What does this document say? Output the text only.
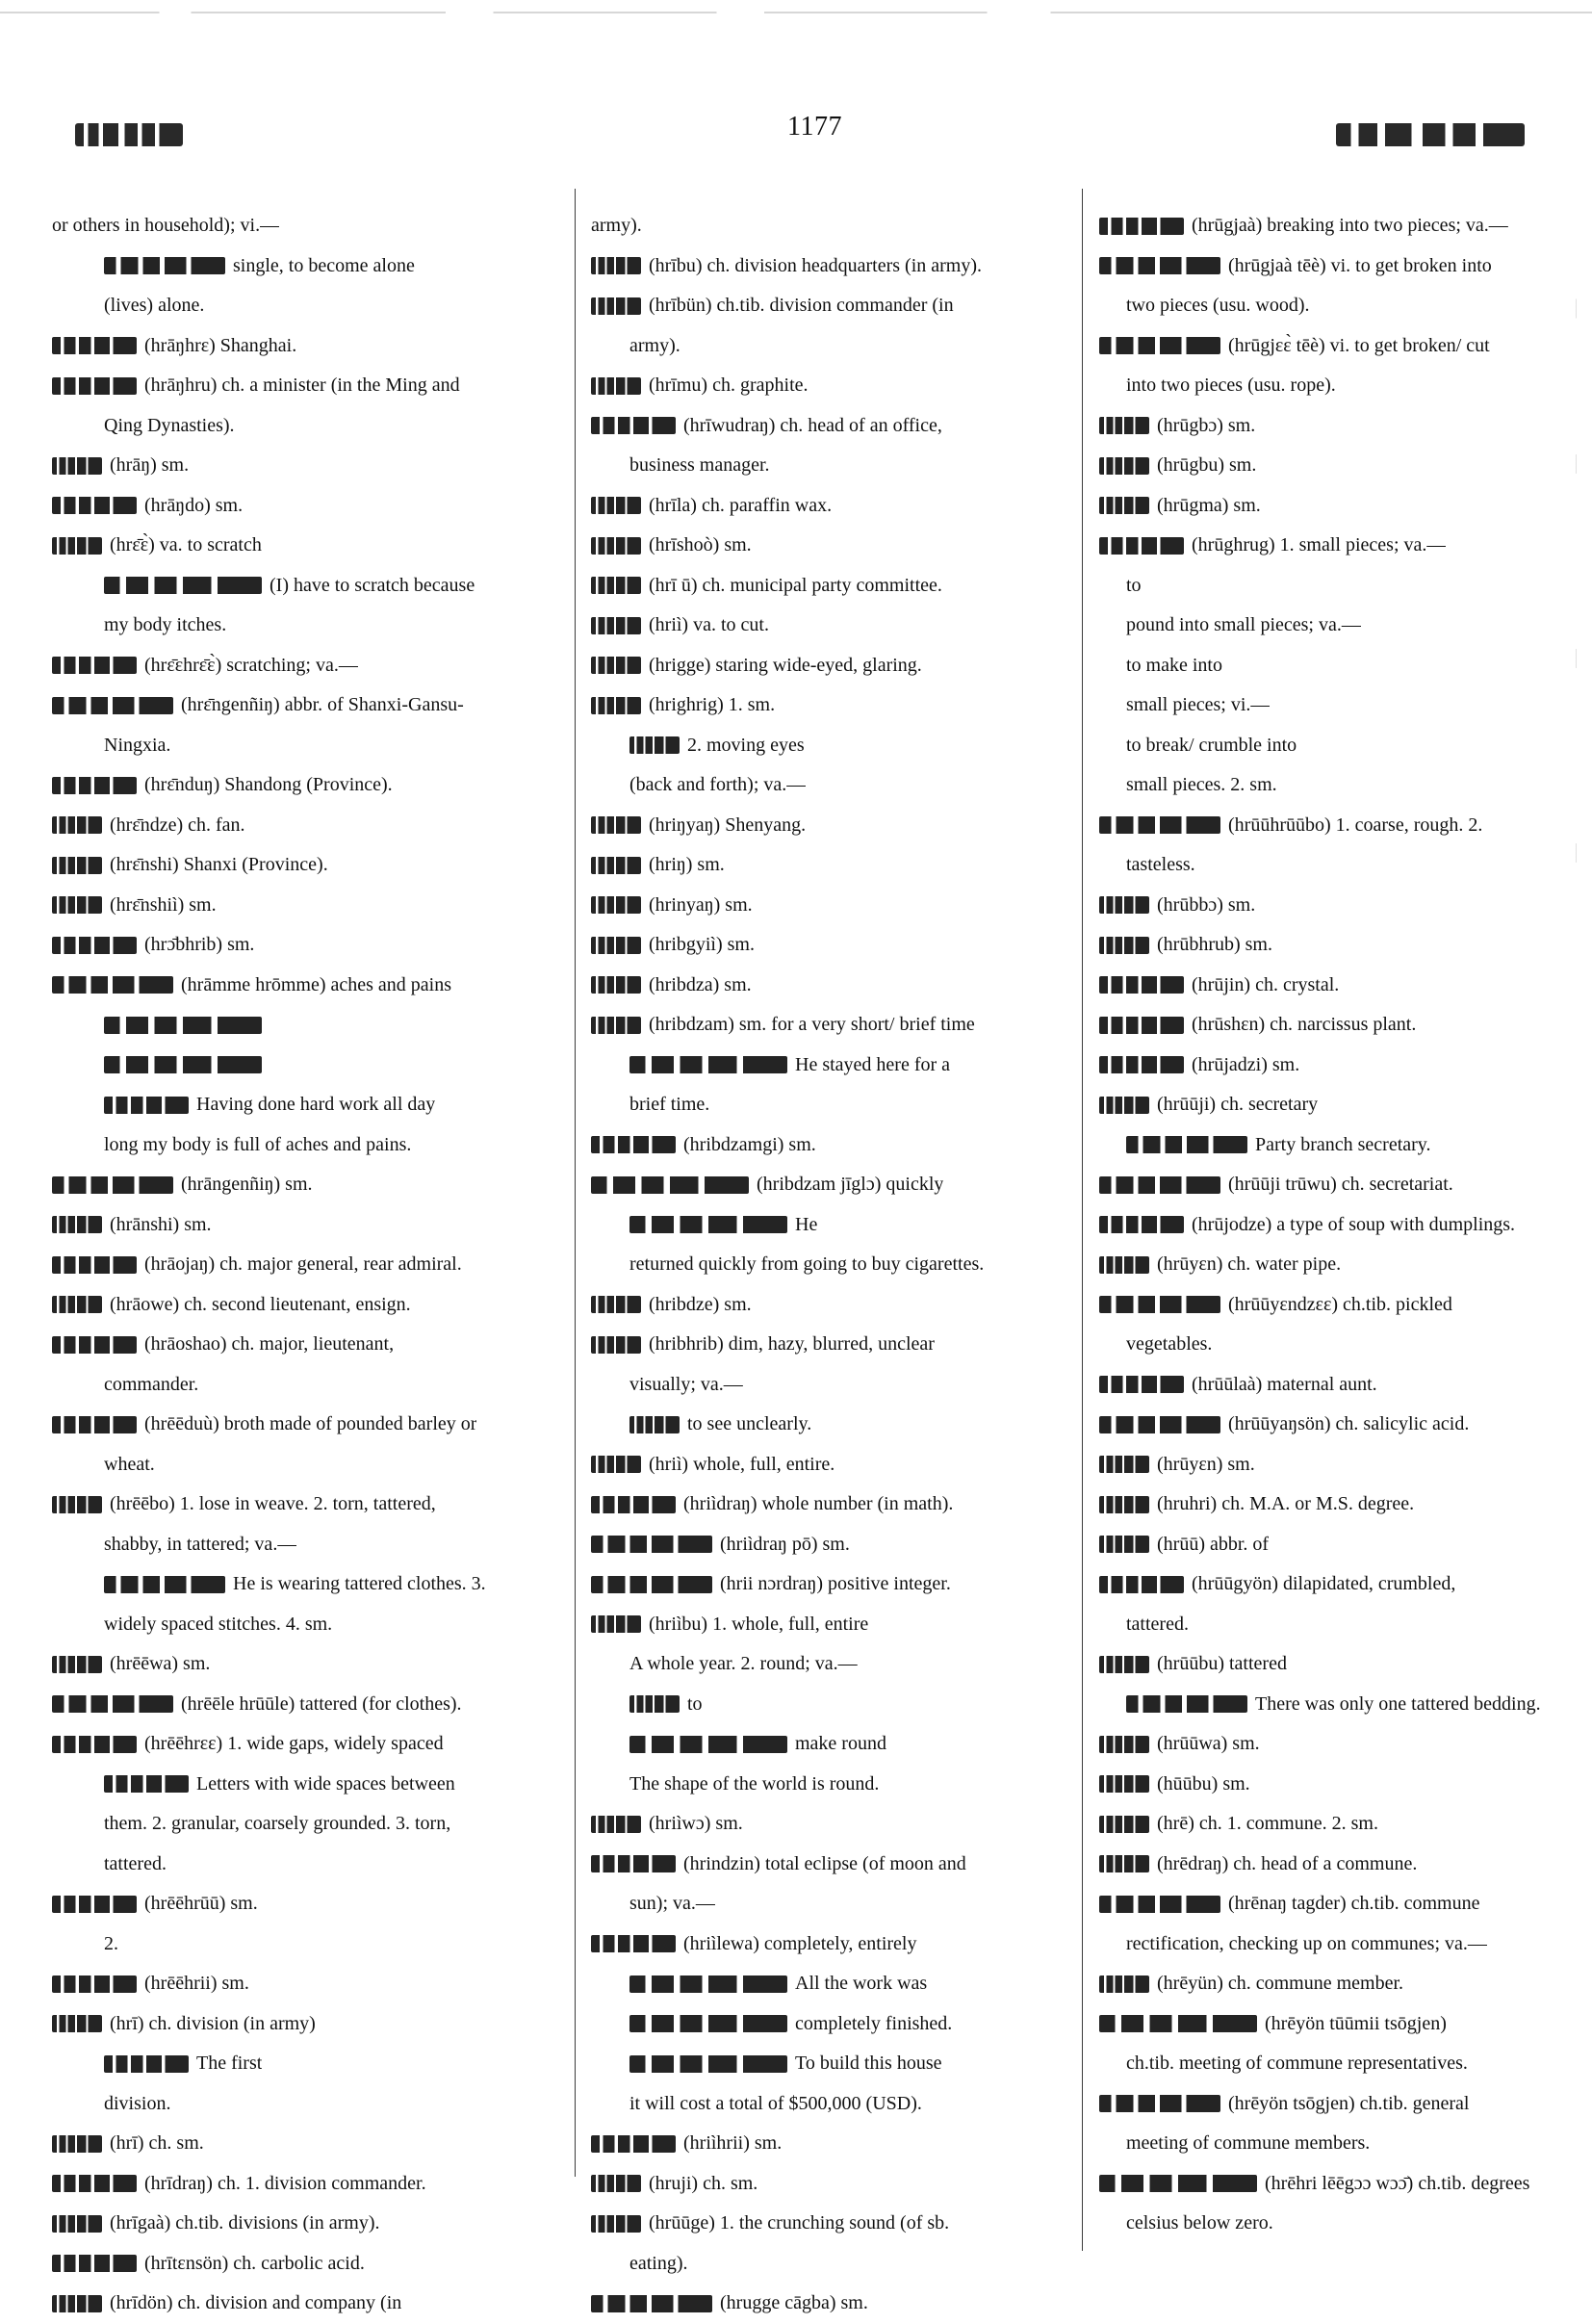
1177
or others in household); vi.—
single, to become alone
(lives) alone.
(hrāŋhrɛ) Shanghai.
(hrāŋhru) ch. a minister (in the Ming and
Qing Dynasties).
(hrāŋ) sm.
(hrāŋdo) sm.
(hrɛ̄ɛ̀) va. to scratch
(I) have to scratch because
my body itches.
(hrɛ̄ɛhrɛ̄ɛ̀) scratching; va.—
(hrɛ̄ngenñiŋ) abbr. of Shanxi-Gansu-
Ningxia.
(hrɛ̄nduŋ) Shandong (Province).
(hrɛ̄ndze) ch. fan.
(hrɛ̄nshi) Shanxi (Province).
(hrɛ̄nshiì) sm.
(hrɔ̄bhrib) sm.
(hrāmme hrōmme) aches and pains
Having done hard work all day
long my body is full of aches and pains.
(hrāngenñiŋ) sm.
(hrānshi) sm.
(hrāojaŋ) ch. major general, rear admiral.
(hrāowe) ch. second lieutenant, ensign.
(hrāoshao) ch. major, lieutenant,
commander.
(hrēēduù) broth made of pounded barley or
wheat.
(hrēēbo) 1. lose in weave. 2. torn, tattered,
shabby, in tattered; va.—
He is wearing tattered clothes. 3.
widely spaced stitches. 4. sm.
(hrēēwa) sm.
(hrēēle hrūūle) tattered (for clothes).
(hrēēhrɛɛ) 1. wide gaps, widely spaced
Letters with wide spaces between
them. 2. granular, coarsely grounded. 3. torn,
tattered.
(hrēēhrūū) sm.
2.
(hrēēhrii) sm.
(hrī) ch. division (in army)
The first
division.
(hrī) ch. sm.
(hrīdraŋ) ch. 1. division commander.
(hrīgaà) ch.tib. divisions (in army).
(hrītɛnsön) ch. carbolic acid.
(hrīdön) ch. division and company (in
army).
(hrību) ch. division headquarters (in army).
(hrībün) ch.tib. division commander (in
army).
(hrīmu) ch. graphite.
(hrīwudraŋ) ch. head of an office,
business manager.
(hrīla) ch. paraffin wax.
(hrīshoò) sm.
(hrī ū) ch. municipal party committee.
(hriì) va. to cut.
(hrigge) staring wide-eyed, glaring.
(hrighrig) 1. sm.
2. moving eyes
(back and forth); va.—
(hriŋyaŋ) Shenyang.
(hriŋ) sm.
(hrinyaŋ) sm.
(hribgyiì) sm.
(hribdza) sm.
(hribdzam) sm. for a very short/ brief time
He stayed here for a
brief time.
(hribdzamgi) sm.
(hribdzam jīglɔ) quickly
He
returned quickly from going to buy cigarettes.
(hribdze) sm.
(hribhrib) dim, hazy, blurred, unclear
visually; va.—
to see unclearly.
(hriì) whole, full, entire.
(hriìdraŋ) whole number (in math).
(hriìdraŋ pō) sm.
(hrii nɔrdraŋ) positive integer.
(hriìbu) 1. whole, full, entire
A whole year. 2. round; va.—
to
make round
The shape of the world is round.
(hriìwɔ) sm.
(hrindzin) total eclipse (of moon and
sun); va.—
(hriìlewa) completely, entirely
All the work was
completely finished.
To build this house
it will cost a total of $500,000 (USD).
(hriìhrii) sm.
(hruji) ch. sm.
(hrūūge) 1. the crunching sound (of sb.
eating).
(hrugge cāgba) sm.
(hrūgjaà) breaking into two pieces; va.—
(hrūgjaà tēè) vi. to get broken into
two pieces (usu. wood).
(hrūgjɛɛ̀ tēè) vi. to get broken/ cut
into two pieces (usu. rope).
(hrūgbɔ) sm.
(hrūgbu) sm.
(hrūgma) sm.
(hrūghrug) 1. small pieces; va.—
to
pound into small pieces; va.—
to make into
small pieces; vi.—
to break/ crumble into
small pieces. 2. sm.
(hrūūhrūūbo) 1. coarse, rough. 2.
tasteless.
(hrūbbɔ) sm.
(hrūbhrub) sm.
(hrūjin) ch. crystal.
(hrūshɛn) ch. narcissus plant.
(hrūjadzi) sm.
(hrūūji) ch. secretary
Party branch secretary.
(hrūūji trūwu) ch. secretariat.
(hrūjodze) a type of soup with dumplings.
(hrūyɛn) ch. water pipe.
(hrūūyɛndzɛɛ) ch.tib. pickled
vegetables.
(hrūūlaà) maternal aunt.
(hrūūyaŋsön) ch. salicylic acid.
(hrūyɛn) sm.
(hruhri) ch. M.A. or M.S. degree.
(hrūū) abbr. of
(hrūūgyön) dilapidated, crumbled,
tattered.
(hrūūbu) tattered
There was only one tattered bedding.
(hrūūwa) sm.
(hūūbu) sm.
(hrē) ch. 1. commune. 2. sm.
(hrēdraŋ) ch. head of a commune.
(hrēnaŋ tagder) ch.tib. commune
rectification, checking up on communes; va.—
(hrēyün) ch. commune member.
(hrēyön tūūmii tsōgjen)
ch.tib. meeting of commune representatives.
(hrēyön tsōgjen) ch.tib. general
meeting of commune members.
(hrēhri lēēgɔɔ wɔɔ̄) ch.tib. degrees
celsius below zero.
